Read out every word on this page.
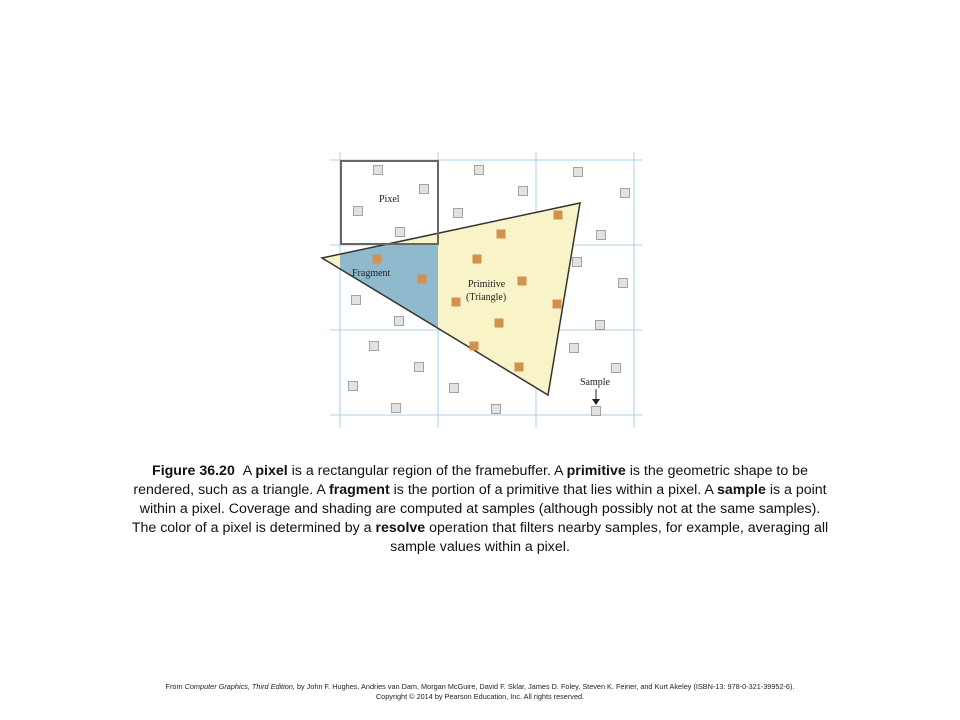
Pixel
Fragment
Primitive
(Triangle)
Sample
Figure 36.20 A pixel is a rectangular region of the framebuffer. A primitive is the geometric shape to be rendered, such as a triangle. A fragment is the portion of a primitive that lies within a pixel. A sample is a point within a pixel. Coverage and shading are computed at samples (although possibly not at the same samples). The color of a pixel is determined by a resolve operation that filters nearby samples, for example, averaging all sample values within a pixel.
From Computer Graphics, Third Edition, by John F. Hughes, Andries van Dam, Morgan McGuire, David F. Sklar, James D. Foley, Steven K. Feiner, and Kurt Akeley (ISBN-13: 978-0-321-39952-6).
Copyright © 2014 by Pearson Education, Inc. All rights reserved.
